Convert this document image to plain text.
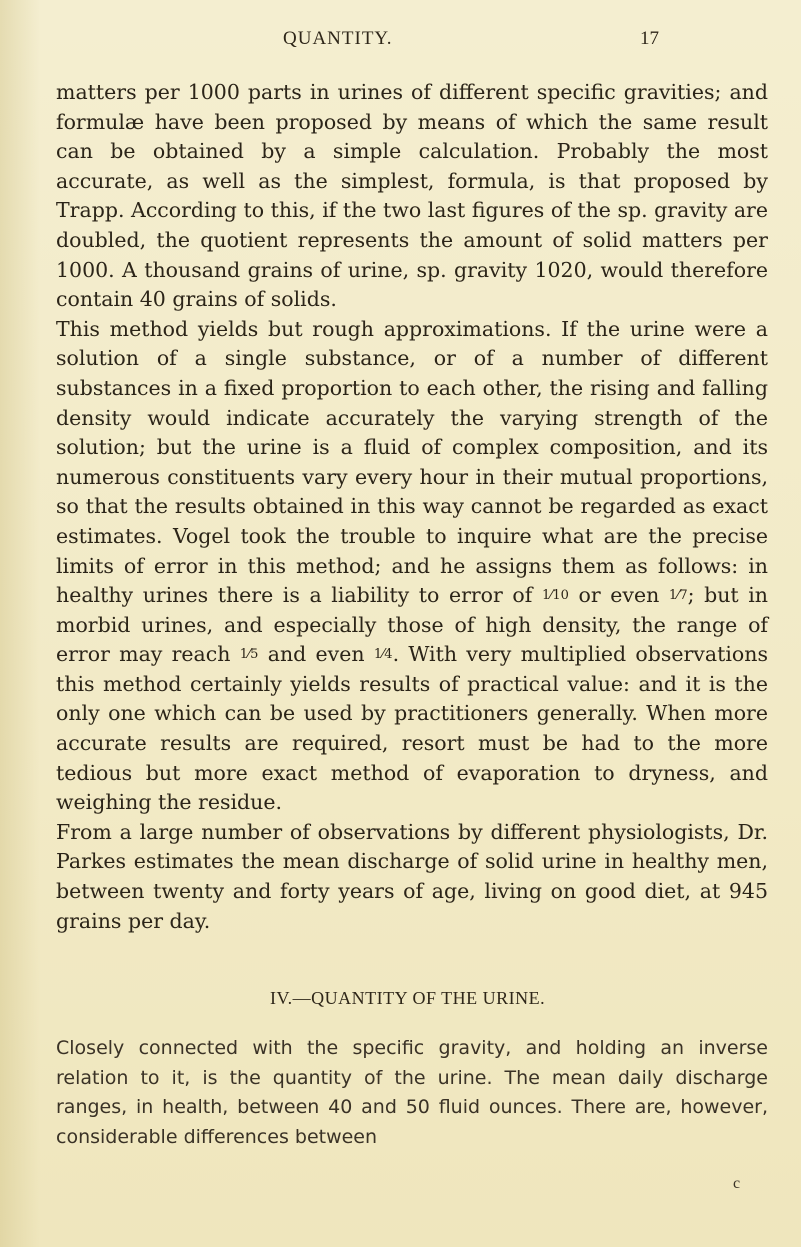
QUANTITY.	17

matters per 1000 parts in urines of different specific gravities; and formulæ have been proposed by means of which the same result can be obtained by a simple calculation. Probably the most accurate, as well as the simplest, formula, is that proposed by Trapp. According to this, if the two last figures of the sp. gravity are doubled, the quotient represents the amount of solid matters per 1000. A thousand grains of urine, sp. gravity 1020, would therefore contain 40 grains of solids.

This method yields but rough approximations. If the urine were a solution of a single substance, or of a number of different substances in a fixed proportion to each other, the rising and falling density would indicate accurately the varying strength of the solution; but the urine is a fluid of complex composition, and its numerous constituents vary every hour in their mutual proportions, so that the results obtained in this way cannot be regarded as exact estimates. Vogel took the trouble to inquire what are the precise limits of error in this method; and he assigns them as follows: in healthy urines there is a liability to error of 1⁄10 or even 1⁄7; but in morbid urines, and especially those of high density, the range of error may reach 1⁄5 and even 1⁄4. With very multiplied observations this method certainly yields results of practical value: and it is the only one which can be used by practitioners generally. When more accurate results are required, resort must be had to the more tedious but more exact method of evaporation to dryness, and weighing the residue.

From a large number of observations by different physiologists, Dr. Parkes estimates the mean discharge of solid urine in healthy men, between twenty and forty years of age, living on good diet, at 945 grains per day.

IV.—QUANTITY OF THE URINE.
Closely connected with the specific gravity, and holding an inverse relation to it, is the quantity of the urine. The mean daily discharge ranges, in health, between 40 and 50 fluid ounces. There are, however, considerable differences between
c
